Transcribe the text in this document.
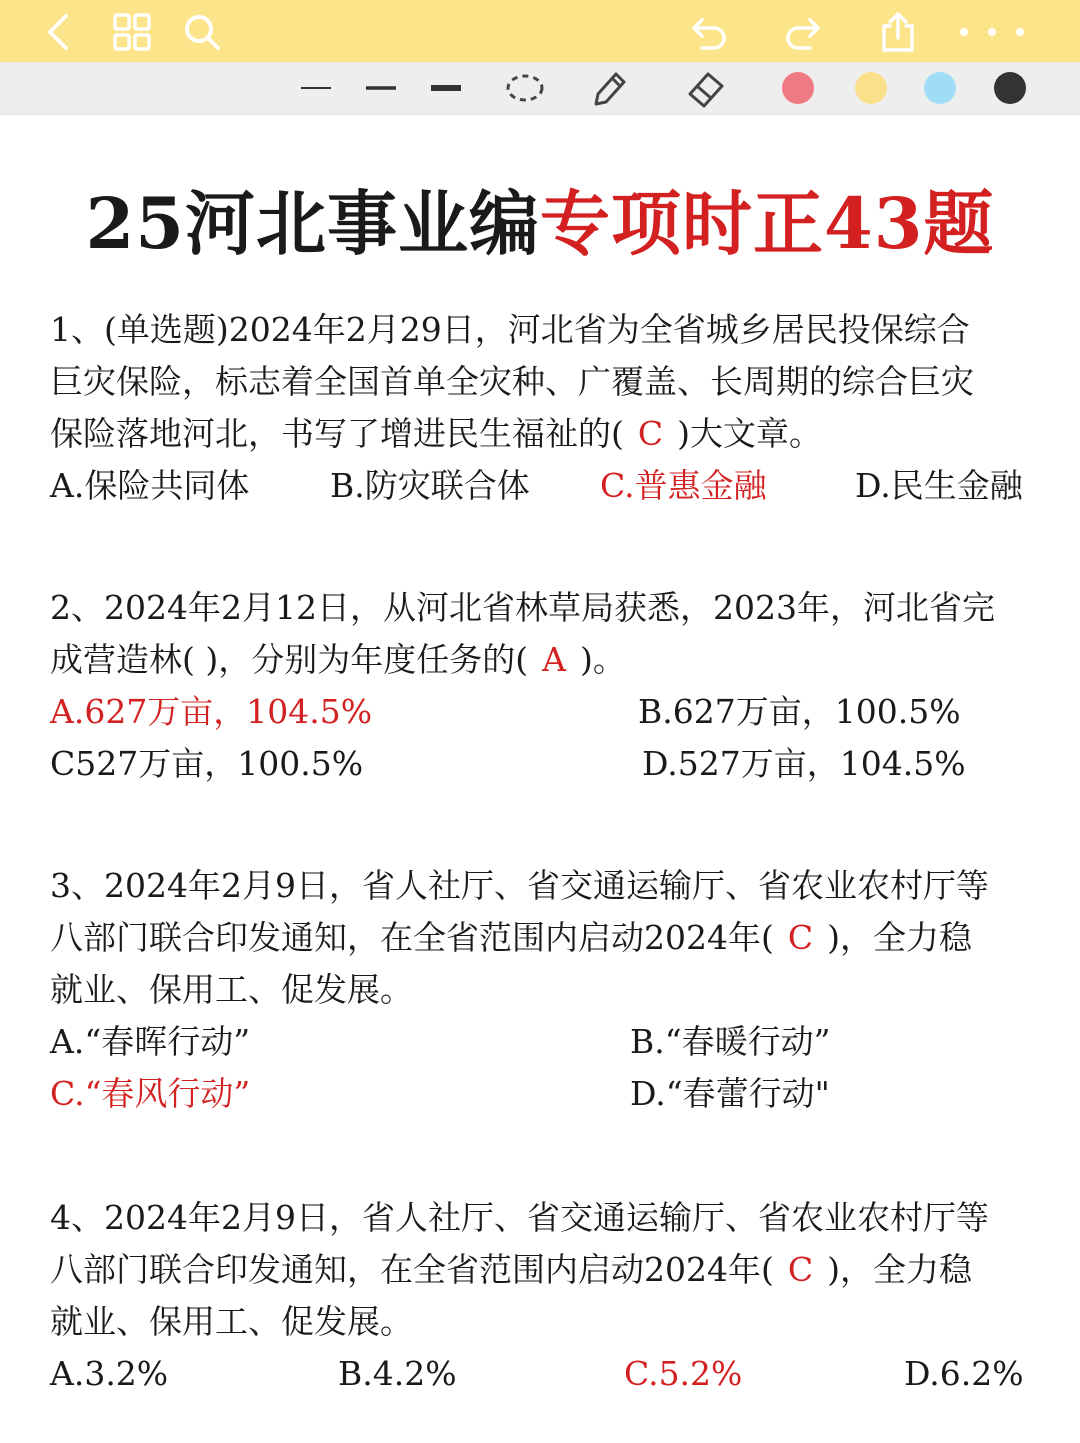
25河北事业编专项时正43题
1、(单选题)2024年2月29日，河北省为全省城乡居民投保综合
巨灾保险，标志着全国首单全灾种、广覆盖、长周期的综合巨灾
保险落地河北，书写了增进民生福祉的( C )大文章。
A.保险共同体 B.防灾联合体 C.普惠金融	D.民生金融
2、2024年2月12日，从河北省林草局获悉，2023年，河北省完
成营造林( )，分别为年度任务的( A )。
A.627万亩，104.5%	B.627万亩，100.5%
C527万亩，100.5%	D.527万亩，104.5%
3、2024年2月9日，省人社厅、省交通运输厅、省农业农村厅等
八部门联合印发通知，在全省范围内启动2024年( C )，全力稳
就业、保用工、促发展。
A.“春晖行动”	B.“春暖行动”
C.“春风行动”	D.“春蕾行动"
4、2024年2月9日，省人社厅、省交通运输厅、省农业农村厅等
八部门联合印发通知，在全省范围内启动2024年( C )，全力稳
就业、保用工、促发展。
A.3.2%	B.4.2%	C.5.2%	D.6.2%
